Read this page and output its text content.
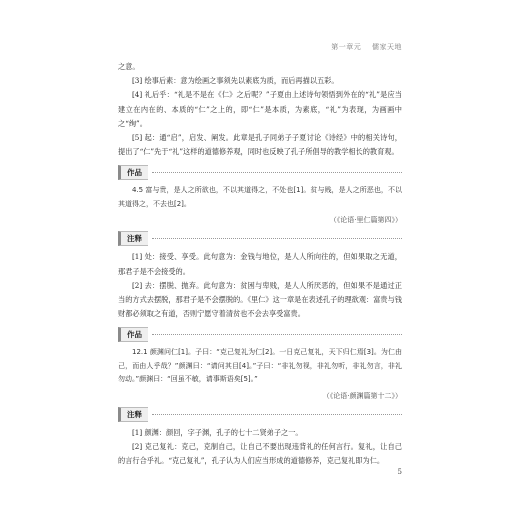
第一章元 儒家天地

之意。

[3] 绘事后素：意为绘画之事须先以素底为质，而后再描以五彩。

[4] 礼后乎：“礼是不是在《仁》之后呢？”子夏由上述诗句领悟到外在的“礼”是应当建立在内在的、本质的“仁”之上的，即“仁”是本质，为素底，“礼”为表现，为画画中之“绚”。

[5] 起：通“启”，启发、阐发。此章是孔子同弟子子夏讨论《诗经》中的相关诗句，提出了“仁”先于“礼”这样的道德修养观，同时也反映了孔子所倡导的教学相长的教育观。

作品

4.5 富与贵，是人之所欲也，不以其道得之，不处也[1]。贫与贱，是人之所恶也，不以其道得之，不去也[2]。

（《论语·里仁篇第四》）

注释

[1] 处：接受、享受。此句意为：金钱与地位，是人人所向往的，但如果取之无道，那君子是不会接受的。

[2] 去：摆脱、抛弃。此句意为：贫困与卑贱，是人人所厌恶的，但如果不是通过正当的方式去摆脱，那君子是不会摆脱的。《里仁》这一章是在表述孔子的理欲观：富贵与钱财都必须取之有道，否则宁愿守着清贫也不会去享受富贵。

作品

12.1 颜渊问仁[1]。子曰：“克己复礼为仁[2]。一日克己复礼，天下归仁焉[3]。为仁由己，而由人乎哉？”颜渊曰：“请问其目[4]。”子曰：“非礼勿视，非礼勿听，非礼勿言，非礼勿动。”颜渊曰：“回虽不敏，请事斯语矣[5]。”

（《论语·颜渊篇第十二》）

注释

[1] 颜渊：颜回，字子渊，孔子的七十二贤弟子之一。

[2] 克己复礼：克己，克制自己，让自己不要出现违背礼的任何言行。复礼，让自己的言行合乎礼。“克己复礼”，孔子认为人们应当形成的道德修养，克己复礼即为仁。

5
